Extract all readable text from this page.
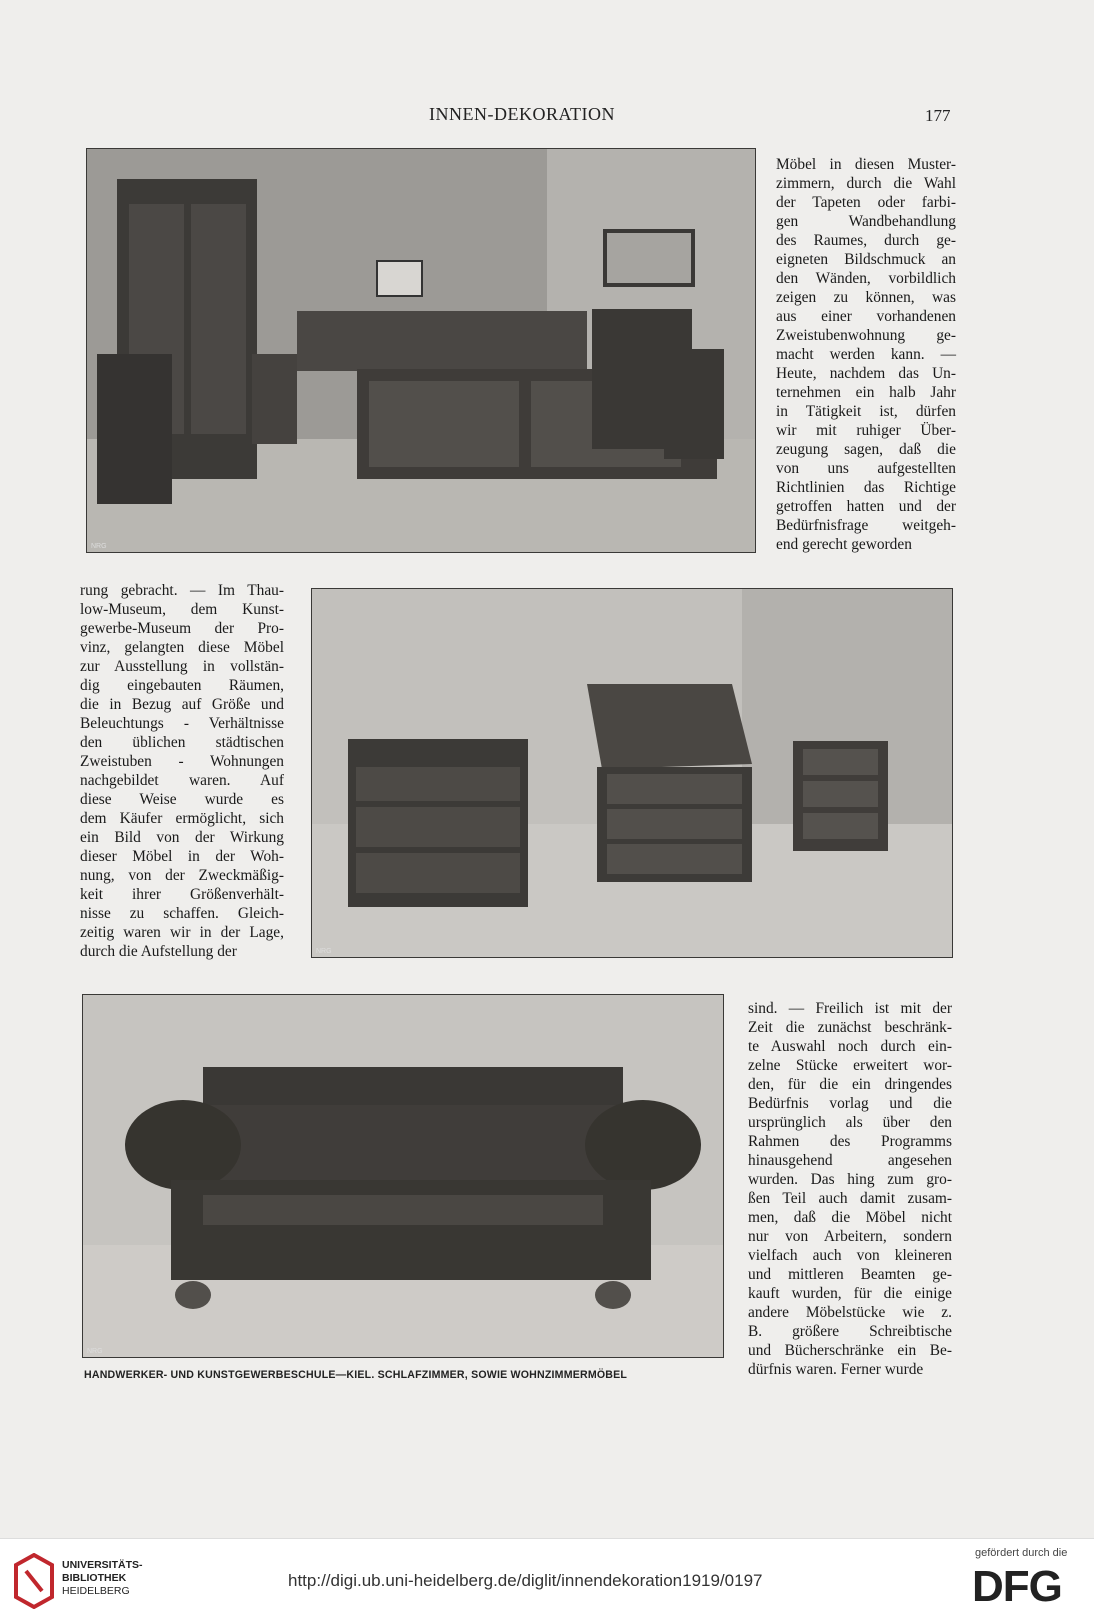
INNEN-DEKORATION	177
NRG
Möbel in diesen Muster-
zimmern, durch die Wahl
der Tapeten oder farbi-
gen Wandbehandlung
des Raumes, durch ge-
eigneten Bildschmuck an
den Wänden, vorbildlich
zeigen zu können, was
aus einer vorhandenen
Zweistubenwohnung ge-
macht werden kann. —
Heute, nachdem das Un-
ternehmen ein halb Jahr
in Tätigkeit ist, dürfen
wir mit ruhiger Über-
zeugung sagen, daß die
von uns aufgestellten
Richtlinien das Richtige
getroffen hatten und der
Bedürfnisfrage weitgeh-
end gerecht geworden
rung gebracht. — Im Thau-
low-Museum, dem Kunst-
gewerbe-Museum der Pro-
vinz, gelangten diese Möbel
zur Ausstellung in vollstän-
dig eingebauten Räumen,
die in Bezug auf Größe und
Beleuchtungs - Verhältnisse
den üblichen städtischen
Zweistuben - Wohnungen
nachgebildet waren. Auf
diese Weise wurde es
dem Käufer ermöglicht, sich
ein Bild von der Wirkung
dieser Möbel in der Woh-
nung, von der Zweckmäßig-
keit ihrer Größenverhält-
nisse zu schaffen. Gleich-
zeitig waren wir in der Lage,
durch die Aufstellung der	NRG
NRG
sind. — Freilich ist mit der
Zeit die zunächst beschränk-
te Auswahl noch durch ein-
zelne Stücke erweitert wor-
den, für die ein dringendes
Bedürfnis vorlag und die
ursprünglich als über den
Rahmen des Programms
hinausgehend angesehen
wurden. Das hing zum gro-
ßen Teil auch damit zusam-
men, daß die Möbel nicht
nur von Arbeitern, sondern
vielfach auch von kleineren
und mittleren Beamten ge-
kauft wurden, für die einige
andere Möbelstücke wie z.
B. größere Schreibtische
und Bücherschränke ein Be-
dürfnis waren. Ferner wurde
HANDWERKER- UND KUNSTGEWERBESCHULE—KIEL. SCHLAFZIMMER, SOWIE WOHNZIMMERMÖBEL
UNIVERSITÄTS-
BIBLIOTHEK
HEIDELBERG
http://digi.ub.uni-heidelberg.de/diglit/innendekoration1919/0197
gefördert durch die
DFG
